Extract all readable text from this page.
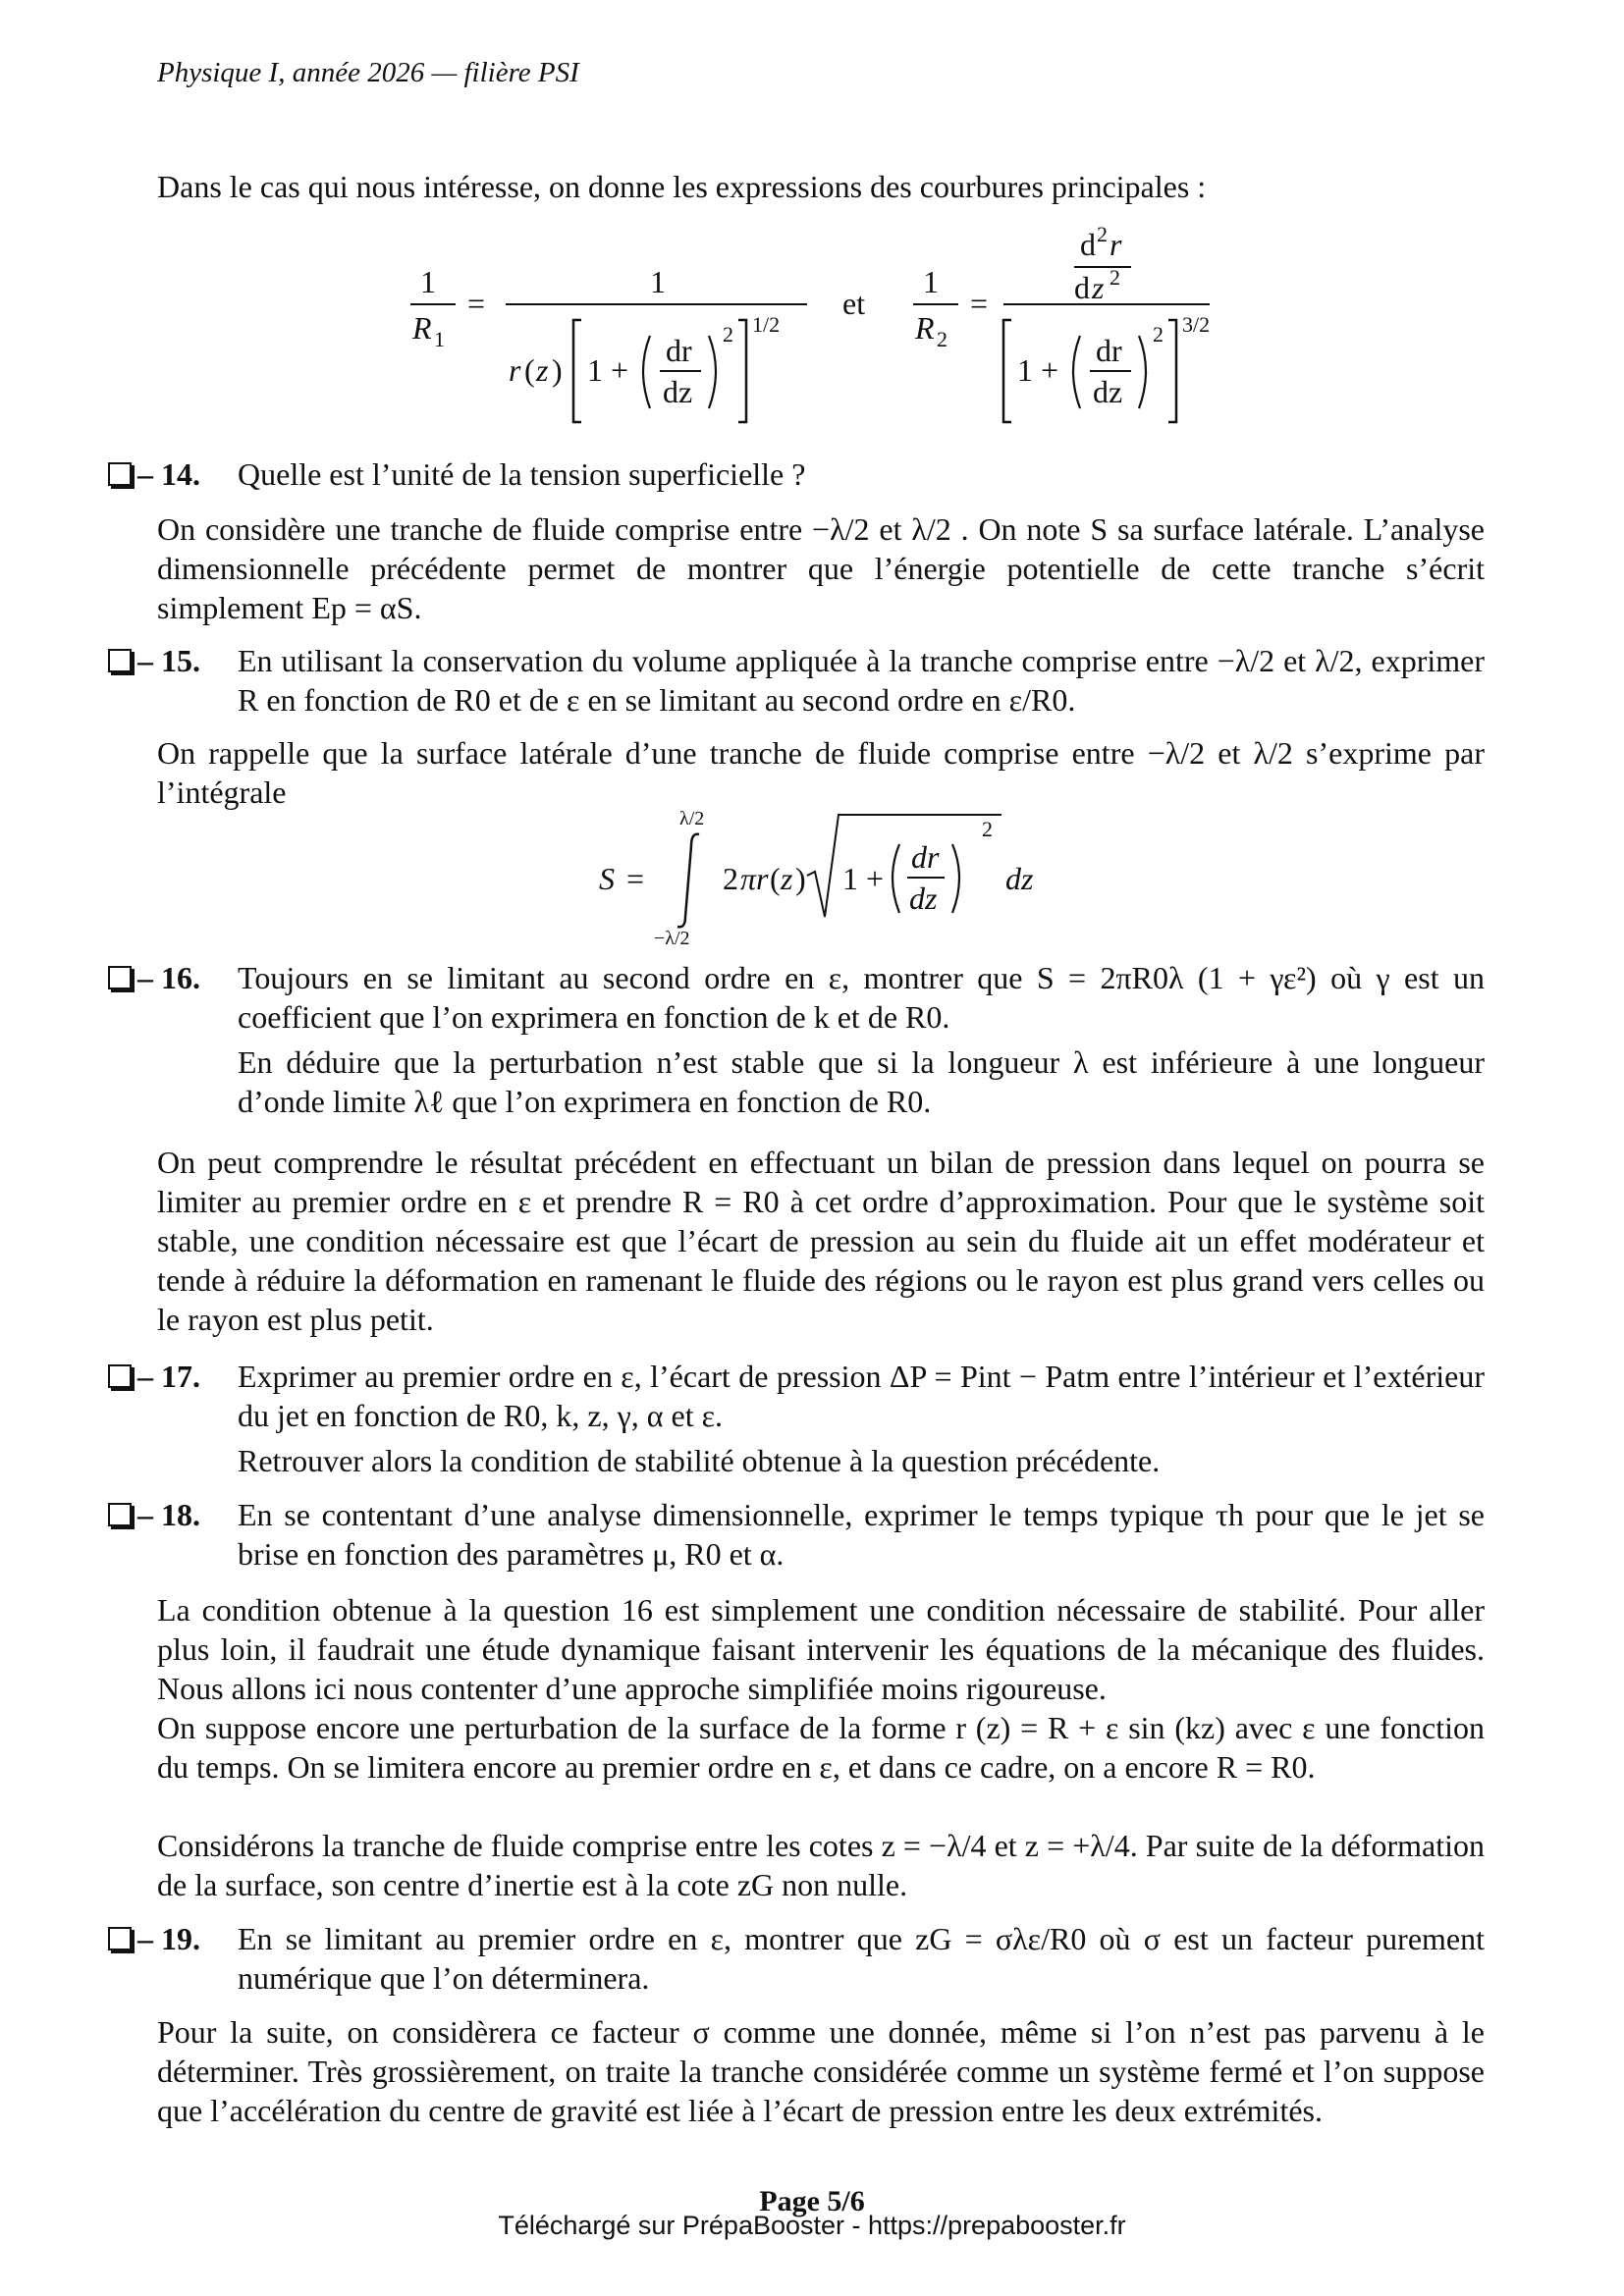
Physique I, année 2026 — filière PSI
Dans le cas qui nous intéresse, on donne les expressions des courbures principales :
1
R 1
=
1
r ( z ) 1 +
dr
dz
2 1/2
et
1
R 2
=
d 2 r
d z 2
1 +
dr
dz
2 3/2
– 14.	Quelle est l’unité de la tension superficielle ?
On considère une tranche de fluide comprise entre −λ/2 et λ/2 . On note S sa surface latérale. L’analyse dimensionnelle précédente permet de montrer que l’énergie potentielle de cette tranche s’écrit simplement Ep = αS.
– 15.	En utilisant la conservation du volume appliquée à la tranche comprise entre −λ/2 et λ/2, exprimer R en fonction de R0 et de ε en se limitant au second ordre en ε/R0.
On rappelle que la surface latérale d’une tranche de fluide comprise entre −λ/2 et λ/2 s’exprime par l’intégrale
S =
λ/2
−λ/2
2 πr ( z ) 1 +
dr
dz
2
dz
– 16.	Toujours en se limitant au second ordre en ε, montrer que S = 2πR0λ (1 + γε²) où γ est un coefficient que l’on exprimera en fonction de k et de R0.
En déduire que la perturbation n’est stable que si la longueur λ est inférieure à une longueur d’onde limite λℓ que l’on exprimera en fonction de R0.
On peut comprendre le résultat précédent en effectuant un bilan de pression dans lequel on pourra se limiter au premier ordre en ε et prendre R = R0 à cet ordre d’approximation. Pour que le système soit stable, une condition nécessaire est que l’écart de pression au sein du fluide ait un effet modérateur et tende à réduire la déformation en ramenant le fluide des régions ou le rayon est plus grand vers celles ou le rayon est plus petit.
– 17.	Exprimer au premier ordre en ε, l’écart de pression ΔP = Pint − Patm entre l’intérieur et l’extérieur du jet en fonction de R0, k, z, γ, α et ε.
Retrouver alors la condition de stabilité obtenue à la question précédente.
– 18.	En se contentant d’une analyse dimensionnelle, exprimer le temps typique τh pour que le jet se brise en fonction des paramètres μ, R0 et α.
La condition obtenue à la question 16 est simplement une condition nécessaire de stabilité. Pour aller plus loin, il faudrait une étude dynamique faisant intervenir les équations de la mécanique des fluides. Nous allons ici nous contenter d’une approche simplifiée moins rigoureuse.
On suppose encore une perturbation de la surface de la forme r (z) = R + ε sin (kz) avec ε une fonction du temps. On se limitera encore au premier ordre en ε, et dans ce cadre, on a encore R = R0.
Considérons la tranche de fluide comprise entre les cotes z = −λ/4 et z = +λ/4. Par suite de la déformation de la surface, son centre d’inertie est à la cote zG non nulle.
– 19.	En se limitant au premier ordre en ε, montrer que zG = σλε/R0 où σ est un facteur purement numérique que l’on déterminera.
Pour la suite, on considèrera ce facteur σ comme une donnée, même si l’on n’est pas parvenu à le déterminer. Très grossièrement, on traite la tranche considérée comme un système fermé et l’on suppose que l’accélération du centre de gravité est liée à l’écart de pression entre les deux extrémités.
Page 5/6
Téléchargé sur PrépaBooster - https://prepabooster.fr
